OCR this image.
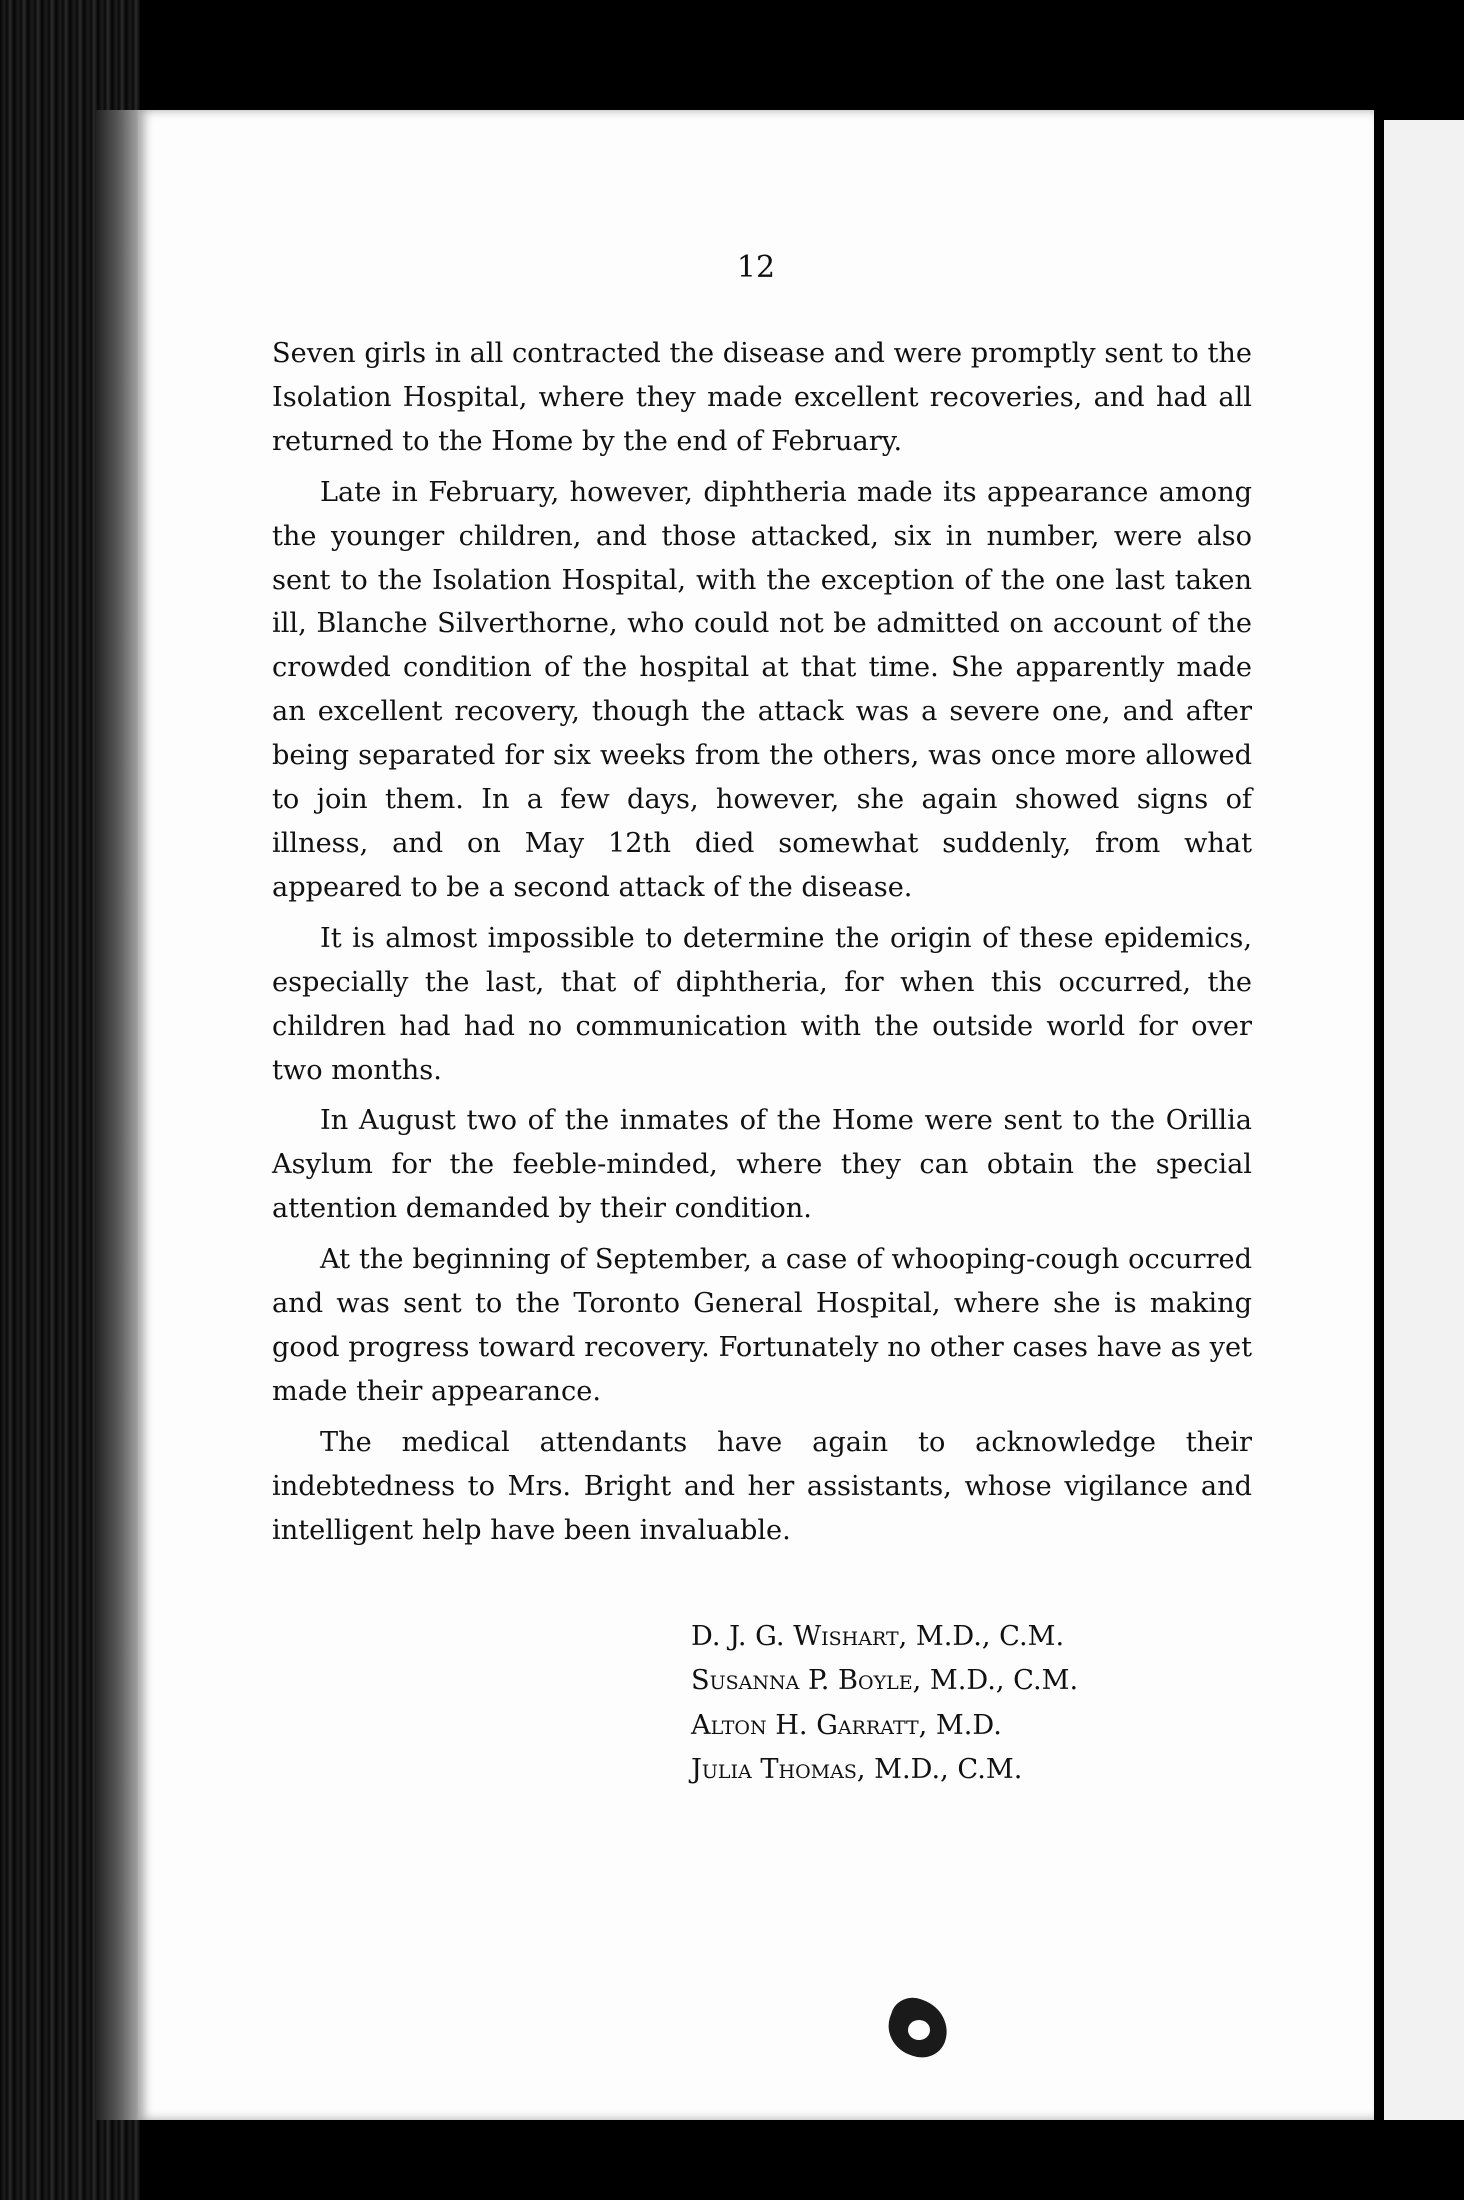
12

Seven girls in all contracted the disease and were promptly sent to the Isolation Hospital, where they made excellent recoveries, and had all returned to the Home by the end of February.

Late in February, however, diphtheria made its appearance among the younger children, and those attacked, six in number, were also sent to the Isolation Hospital, with the exception of the one last taken ill, Blanche Silverthorne, who could not be admitted on account of the crowded condition of the hospital at that time. She apparently made an excellent recovery, though the attack was a severe one, and after being separated for six weeks from the others, was once more allowed to join them. In a few days, however, she again showed signs of illness, and on May 12th died somewhat suddenly, from what appeared to be a second attack of the disease.

It is almost impossible to determine the origin of these epidemics, especially the last, that of diphtheria, for when this occurred, the children had had no communication with the outside world for over two months.

In August two of the inmates of the Home were sent to the Orillia Asylum for the feeble-minded, where they can obtain the special attention demanded by their condition.

At the beginning of September, a case of whooping-cough occurred and was sent to the Toronto General Hospital, where she is making good progress toward recovery. Fortunately no other cases have as yet made their appearance.

The medical attendants have again to acknowledge their indebtedness to Mrs. Bright and her assistants, whose vigilance and intelligent help have been invaluable.

D. J. G. Wishart, M.D., C.M.

Susanna P. Boyle, M.D., C.M.

Alton H. Garratt, M.D.

Julia Thomas, M.D., C.M.
